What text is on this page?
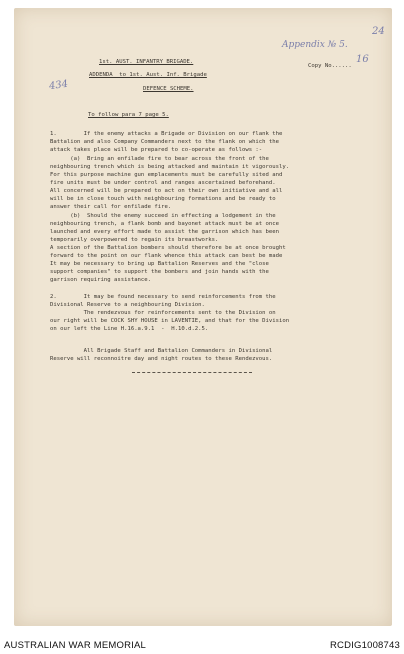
24
Appendix № 5.
16
434
1st. AUST. INFANTRY BRIGADE.
Copy No......
ADDENDA  to 1st. Aust. Inf. Brigade
DEFENCE SCHEME.
To follow para 7 page 5.
1.        If the enemy attacks a Brigade or Division on our flank the
Battalion and also Company Commanders next to the flank on which the
attack takes place will be prepared to co-operate as follows :-
(a)  Bring an enfilade fire to bear across the front of the
neighbouring trench which is being attacked and maintain it vigorously.
For this purpose machine gun emplacements must be carefully sited and
fire units must be under control and ranges ascertained beforehand.
All concerned will be prepared to act on their own initiative and all
will be in close touch with neighbouring formations and be ready to
answer their call for enfilade fire.
(b)  Should the enemy succeed in effecting a lodgement in the
neighbouring trench, a flank bomb and bayonet attack must be at once
launched and every effort made to assist the garrison which has been
temporarily overpowered to regain its breastworks.
A section of the Battalion bombers should therefore be at once brought
forward to the point on our flank whence this attack can best be made
It may be necessary to bring up Battalion Reserves and the "close
support companies" to support the bombers and join hands with the
garrison requiring assistance.
2.        It may be found necessary to send reinforcements from the
Divisional Reserve to a neighbouring Division.
The rendezvous for reinforcements sent to the Division on
our right will be COCK SHY HOUSE in LAVENTIE, and that for the Division
on our left the Line H.16.a.9.1  -  H.10.d.2.5.
All Brigade Staff and Battalion Commanders in Divisional
Reserve will reconnoitre day and night routes to these Rendezvous.
AUSTRALIAN WAR MEMORIAL	RCDIG1008743
